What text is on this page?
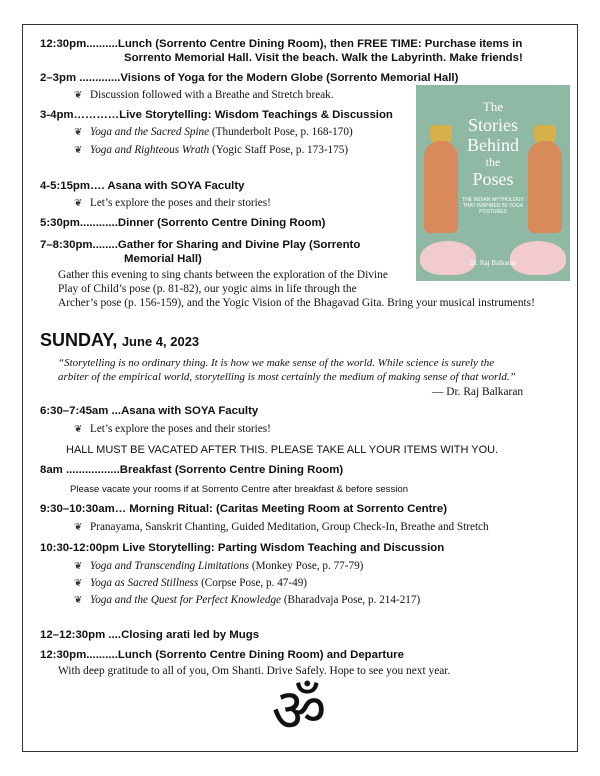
12:30pm..........Lunch (Sorrento Centre Dining Room), then FREE TIME: Purchase items in
Sorrento Memorial Hall. Visit the beach. Walk the Labyrinth. Make friends!
2–3pm .............Visions of Yoga for the Modern Globe (Sorrento Memorial Hall)
❦ Discussion followed with a Breathe and Stretch break.
3-4pm…………Live Storytelling: Wisdom Teachings & Discussion
❦ Yoga and the Sacred Spine (Thunderbolt Pose, p. 168-170)
❦ Yoga and Righteous Wrath (Yogic Staff Pose, p. 173-175)
4-5:15pm…. Asana with SOYA Faculty
❦ Let’s explore the poses and their stories!
5:30pm............Dinner (Sorrento Centre Dining Room)
7–8:30pm........Gather for Sharing and Divine Play (Sorrento
Memorial Hall)
Gather this evening to sing chants between the exploration of the Divine
Play of Child’s pose (p. 81-82), our yogic aims in life through the
Archer’s pose (p. 156-159), and the Yogic Vision of the Bhagavad Gita. Bring your musical instruments!
The
Stories
Behind
the
Poses
THE INDIAN MYTHOLOGY THAT INSPIRED 50 YOGA POSTURES
Dr. Raj Balkaran
SUNDAY, June 4, 2023
“Storytelling is no ordinary thing. It is how we make sense of the world. While science is surely the
arbiter of the empirical world, storytelling is most certainly the medium of making sense of that world.”
— Dr. Raj Balkaran
6:30–7:45am ...Asana with SOYA Faculty
❦ Let’s explore the poses and their stories!
HALL MUST BE VACATED AFTER THIS. PLEASE TAKE ALL YOUR ITEMS WITH YOU.
8am .................Breakfast (Sorrento Centre Dining Room)
Please vacate your rooms if at Sorrento Centre after breakfast & before session
9:30–10:30am… Morning Ritual: (Caritas Meeting Room at Sorrento Centre)
❦ Pranayama, Sanskrit Chanting, Guided Meditation, Group Check-In, Breathe and Stretch
10:30-12:00pm Live Storytelling: Parting Wisdom Teaching and Discussion
❦ Yoga and Transcending Limitations (Monkey Pose, p. 77-79)
❦ Yoga as Sacred Stillness (Corpse Pose, p. 47-49)
❦ Yoga and the Quest for Perfect Knowledge (Bharadvaja Pose, p. 214-217)
12–12:30pm ....Closing arati led by Mugs
12:30pm..........Lunch (Sorrento Centre Dining Room) and Departure
With deep gratitude to all of you, Om Shanti. Drive Safely. Hope to see you next year.
ॐ
